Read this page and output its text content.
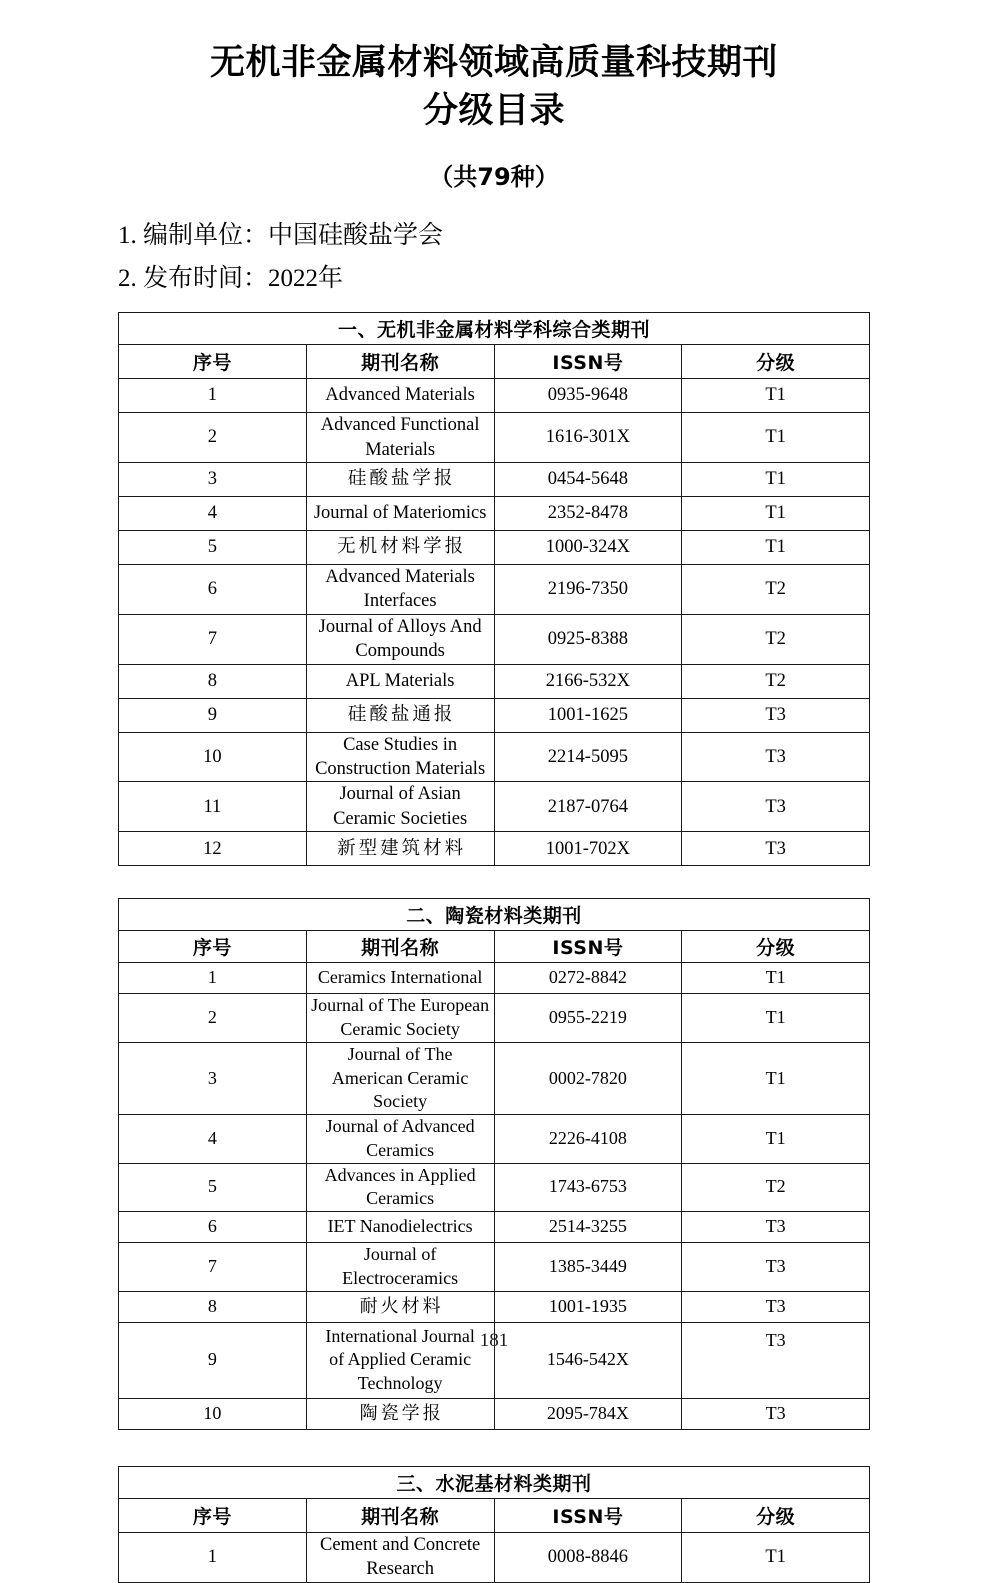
无机非金属材料领域高质量科技期刊
分级目录
（共79种）
1. 编制单位：中国硅酸盐学会
2. 发布时间：2022年
一、无机非金属材料学科综合类期刊			
序号	期刊名称	ISSN号	分级
1	Advanced Materials	0935-9648	T1
2	Advanced Functional Materials	1616-301X	T1
3	硅酸盐学报	0454-5648	T1
4	Journal of Materiomics	2352-8478	T1
5	无机材料学报	1000-324X	T1
6	Advanced Materials Interfaces	2196-7350	T2
7	Journal of Alloys And Compounds	0925-8388	T2
8	APL Materials	2166-532X	T2
9	硅酸盐通报	1001-1625	T3
10	Case Studies in Construction Materials	2214-5095	T3
11	Journal of Asian Ceramic Societies	2187-0764	T3
12	新型建筑材料	1001-702X	T3
二、陶瓷材料类期刊			
序号	期刊名称	ISSN号	分级
1	Ceramics International	0272-8842	T1
2	Journal of The European Ceramic Society	0955-2219	T1
3	Journal of The American Ceramic Society	0002-7820	T1
4	Journal of Advanced Ceramics	2226-4108	T1
5	Advances in Applied Ceramics	1743-6753	T2
6	IET Nanodielectrics	2514-3255	T3
7	Journal of Electroceramics	1385-3449	T3
8	耐火材料	1001-1935	T3
9	International Journal of Applied Ceramic Technology	1546-542X	T3
10	陶瓷学报	2095-784X	T3
三、水泥基材料类期刊			
序号	期刊名称	ISSN号	分级
1	Cement and Concrete Research	0008-8846	T1
181
